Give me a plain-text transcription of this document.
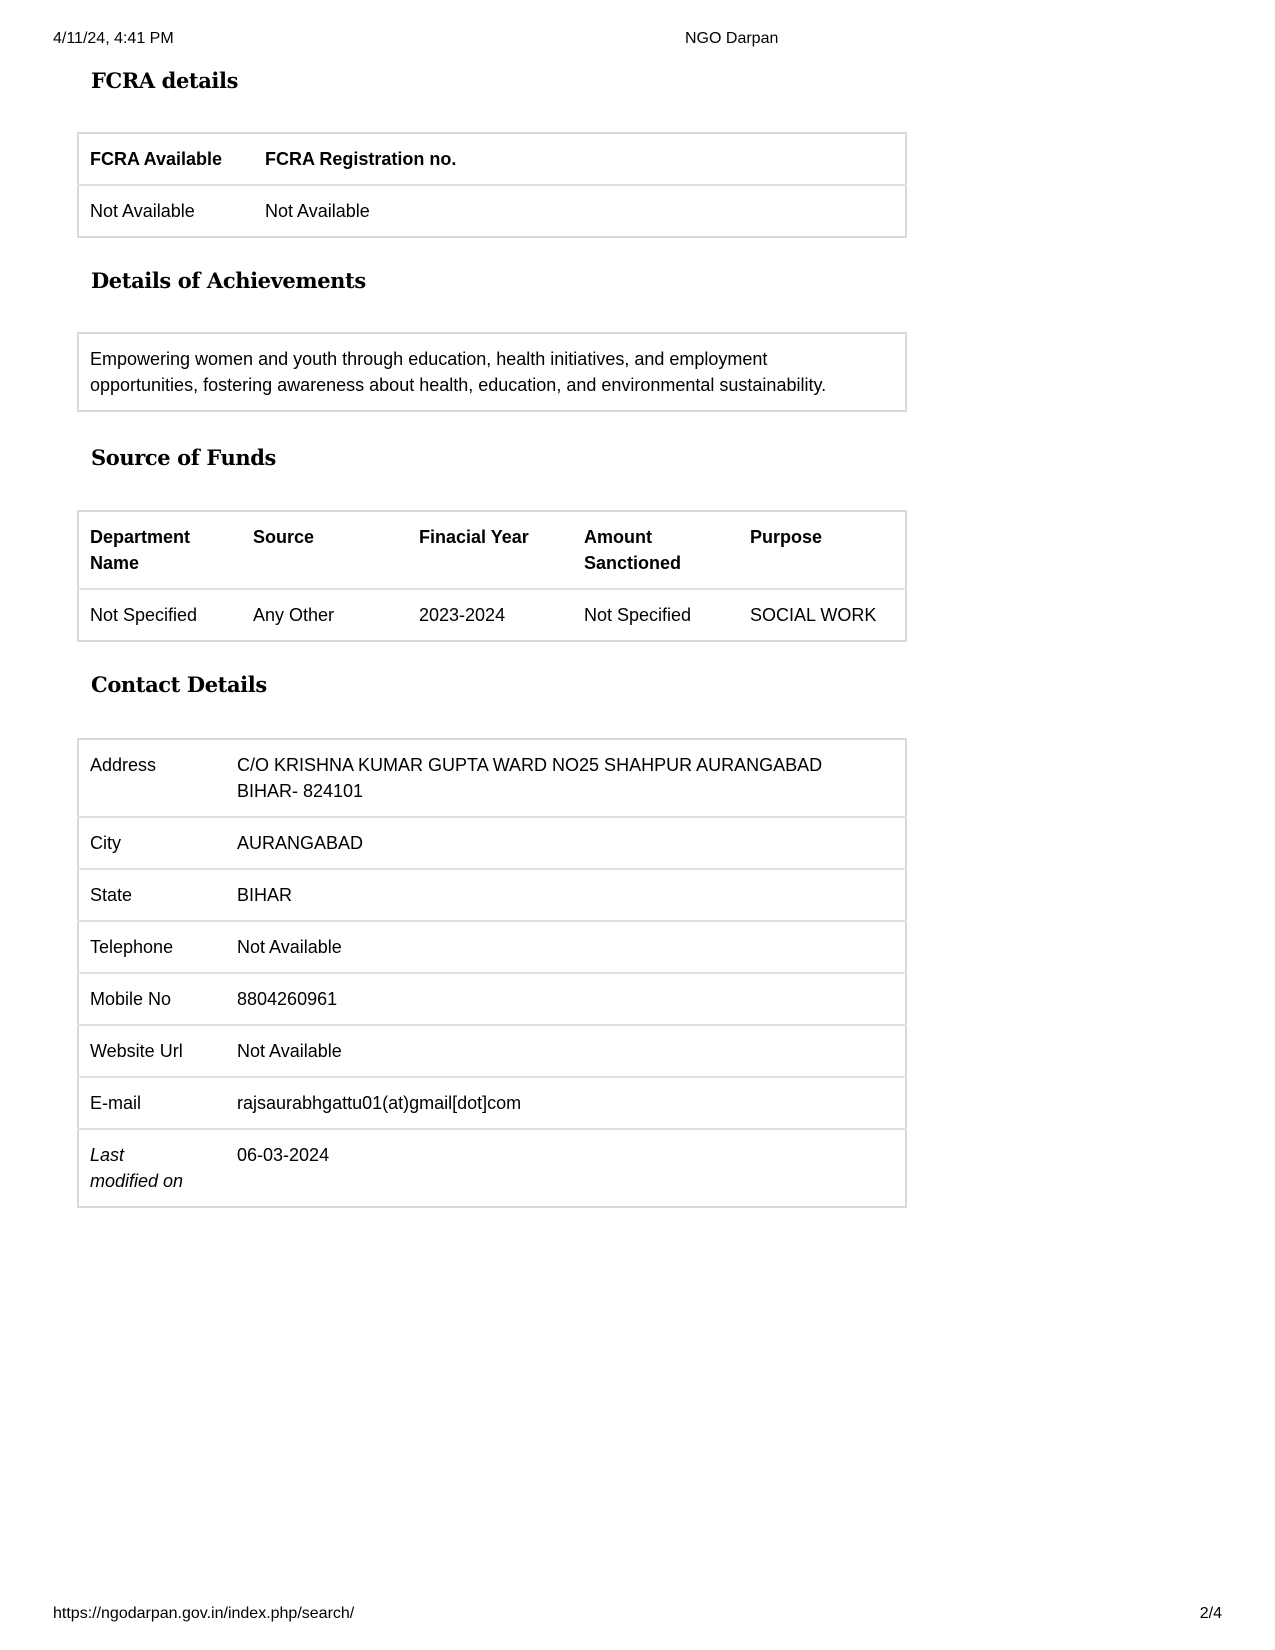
4/11/24, 4:41 PM	NGO Darpan
FCRA details
FCRA Available	FCRA Registration no.
Not Available	Not Available
Details of Achievements
Empowering women and youth through education, health initiatives, and employment opportunities, fostering awareness about health, education, and environmental sustainability.
Source of Funds
Department Name	Source	Finacial Year	Amount Sanctioned	Purpose
Not Specified	Any Other	2023-2024	Not Specified	SOCIAL WORK
Contact Details
Address	C/O KRISHNA KUMAR GUPTA WARD NO25 SHAHPUR AURANGABAD BIHAR- 824101
City	AURANGABAD
State	BIHAR
Telephone	Not Available
Mobile No	8804260961
Website Url	Not Available
E-mail	rajsaurabhgattu01(at)gmail[dot]com
Last modified on	06-03-2024
https://ngodarpan.gov.in/index.php/search/	2/4
